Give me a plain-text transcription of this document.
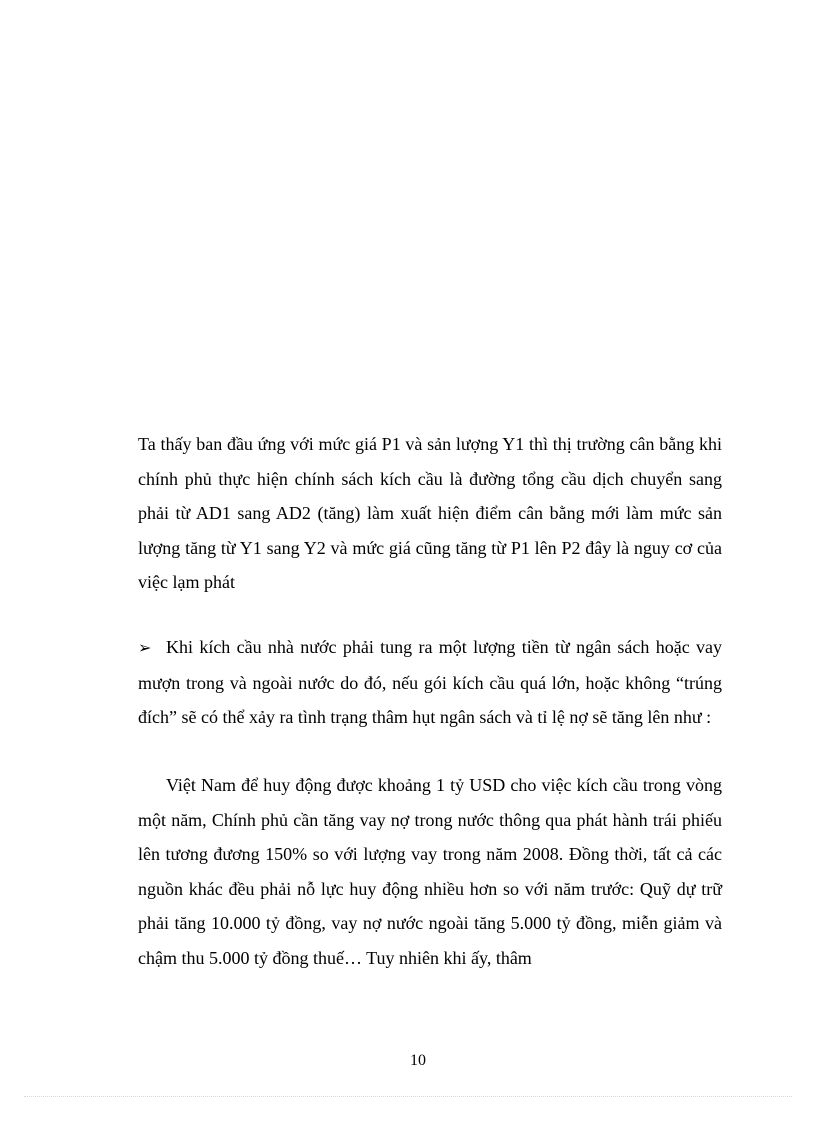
Ta thấy ban đầu ứng với mức giá P1 và sản lượng Y1 thì thị trường cân bằng khi chính phủ thực hiện chính sách kích cầu là đường tổng cầu dịch chuyển sang phải từ AD1 sang AD2 (tăng) làm xuất hiện điểm cân bằng mới làm mức sản lượng tăng từ Y1 sang Y2 và mức giá cũng tăng từ P1 lên P2 đây là nguy cơ của việc lạm phát

➢ Khi kích cầu nhà nước phải tung ra một lượng tiền từ ngân sách hoặc vay mượn trong và ngoài nước do đó, nếu gói kích cầu quá lớn, hoặc không “trúng đích” sẽ có thể xảy ra tình trạng thâm hụt ngân sách và tỉ lệ nợ sẽ tăng lên như :

Việt Nam để huy động được khoảng 1 tỷ USD cho việc kích cầu trong vòng một năm, Chính phủ cần tăng vay nợ trong nước thông qua phát hành trái phiếu lên tương đương 150% so với lượng vay trong năm 2008. Đồng thời, tất cả các nguồn khác đều phải nỗ lực huy động nhiều hơn so với năm trước: Quỹ dự trữ phải tăng 10.000 tỷ đồng, vay nợ nước ngoài tăng 5.000 tỷ đồng, miễn giảm và chậm thu 5.000 tỷ đồng thuế… Tuy nhiên khi ấy, thâm

10
